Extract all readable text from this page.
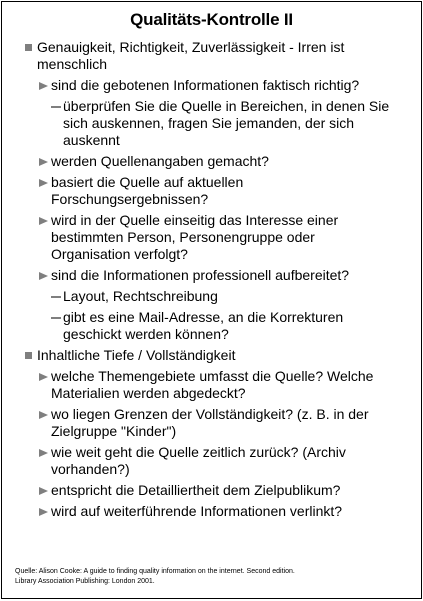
Qualitäts-Kontrolle II
Genauigkeit, Richtigkeit, Zuverlässigkeit - Irren ist menschlich
sind die gebotenen Informationen faktisch richtig?
überprüfen Sie die Quelle in Bereichen, in denen Sie sich auskennen, fragen Sie jemanden, der sich auskennt
werden Quellenangaben gemacht?
basiert die Quelle auf aktuellen Forschungsergebnissen?
wird in der Quelle einseitig das Interesse einer bestimmten Person, Personengruppe oder Organisation verfolgt?
sind die Informationen professionell aufbereitet?
Layout, Rechtschreibung
gibt es eine Mail-Adresse, an die Korrekturen geschickt werden können?
Inhaltliche Tiefe / Vollständigkeit
welche Themengebiete umfasst die Quelle? Welche Materialien werden abgedeckt?
wo liegen Grenzen der Vollständigkeit? (z. B. in der Zielgruppe "Kinder")
wie weit geht die Quelle zeitlich zurück? (Archiv vorhanden?)
entspricht die Detailliertheit dem Zielpublikum?
wird auf weiterführende Informationen verlinkt?
Quelle: Alison Cooke: A guide to finding quality information on the internet. Second edition.
Library Association Publishing: London 2001.
